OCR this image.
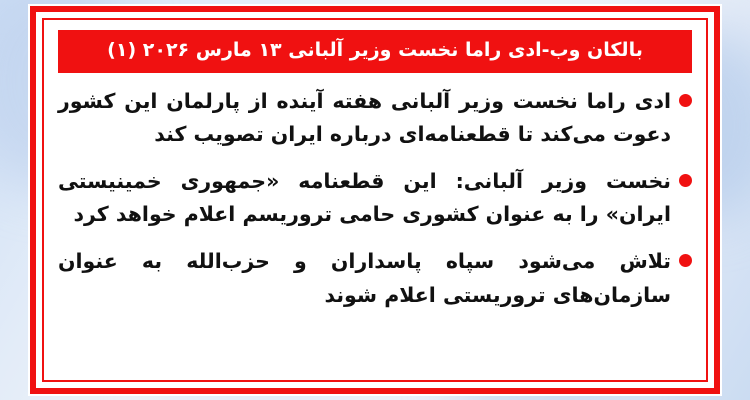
بالکان وب-ادی راما نخست وزیر آلبانی ۱۳ مارس ۲۰۲۶ (۱)
ادی راما نخست وزیر آلبانی هفته آینده از پارلمان این کشور دعوت می‌کند تا قطعنامه‌ای درباره ایران تصویب کند
نخست وزیر آلبانی: این قطعنامه «جمهوری خمینیستی ایران» را به عنوان کشوری حامی تروریسم اعلام خواهد کرد
تلاش می‌شود سپاه پاسداران و حزب‌الله به عنوان سازمان‌های تروریستی اعلام شوند
